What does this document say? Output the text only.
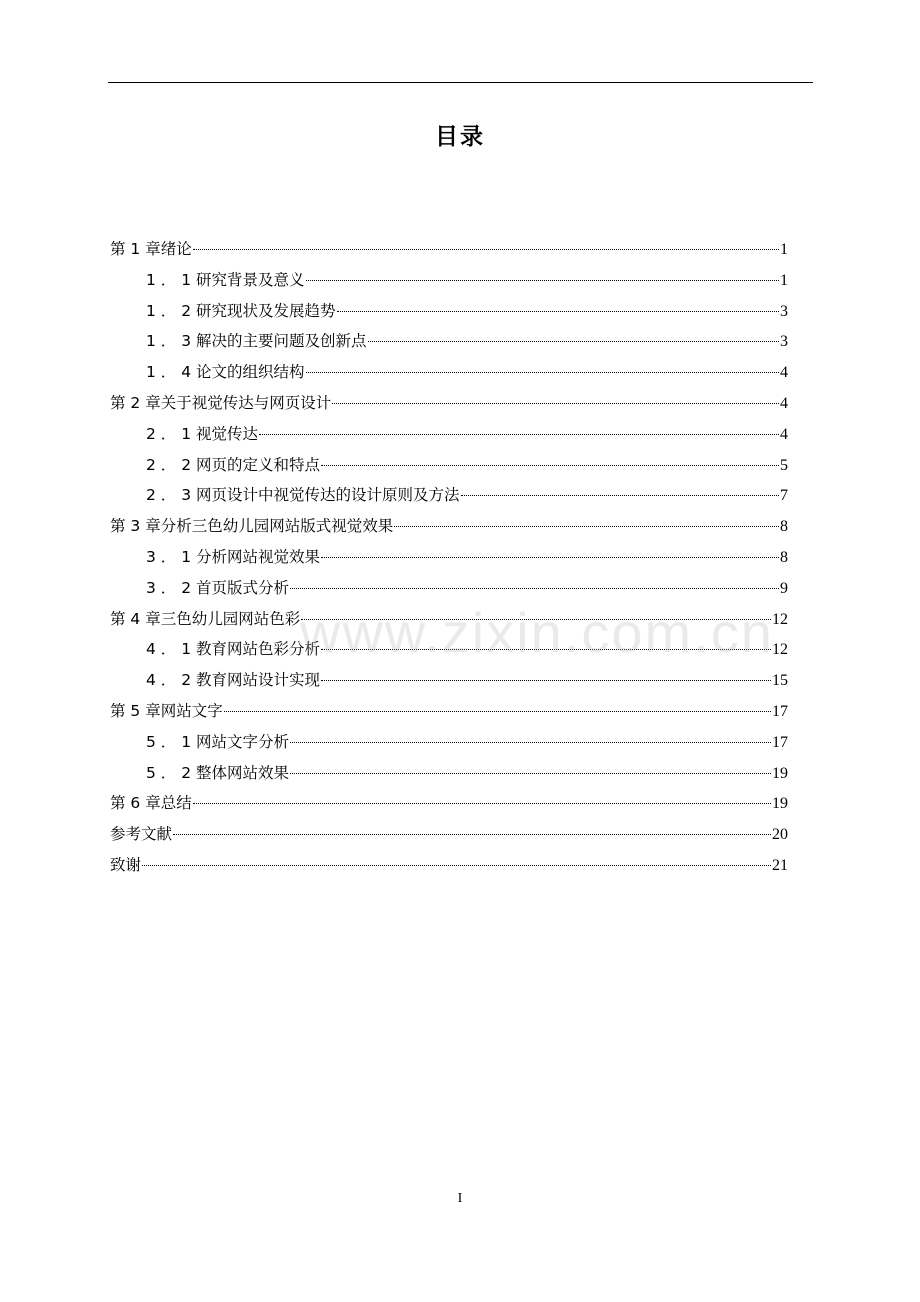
目录
第 1 章绪论	1
1 ． 1 研究背景及意义	1
1 ． 2 研究现状及发展趋势	3
1 ． 3 解决的主要问题及创新点	3
1 ． 4 论文的组织结构	4
第 2 章关于视觉传达与网页设计	4
2 ． 1 视觉传达	4
2 ． 2 网页的定义和特点	5
2 ． 3 网页设计中视觉传达的设计原则及方法	7
第 3 章分析三色幼儿园网站版式视觉效果	8
3 ． 1 分析网站视觉效果	8
3 ． 2 首页版式分析	9
第 4 章三色幼儿园网站色彩	12
4 ． 1 教育网站色彩分析	12
4 ． 2 教育网站设计实现	15
第 5 章网站文字	17
5 ． 1 网站文字分析	17
5 ． 2 整体网站效果	19
第 6 章总结	19
参考文献	20
致谢	21
www.zixin.com.cn
I
